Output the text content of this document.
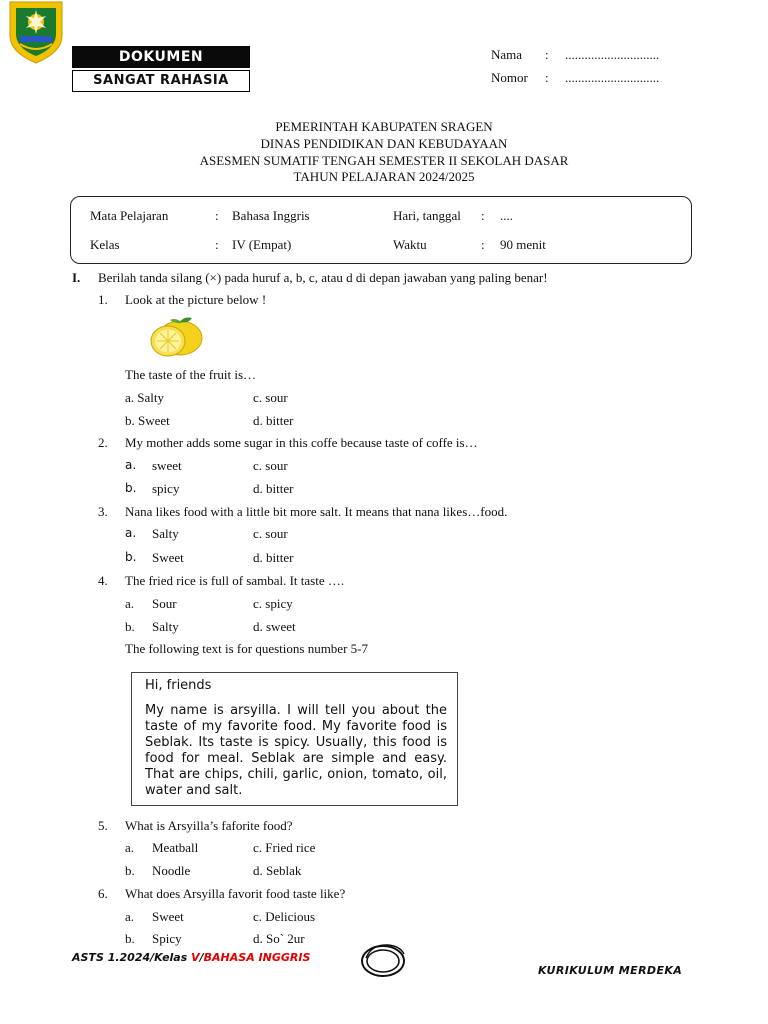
DOKUMEN
SANGAT RAHASIA
Nama : .............................
Nomor : .............................
PEMERINTAH KABUPATEN SRAGEN
DINAS PENDIDIKAN DAN KEBUDAYAAN
ASESMEN SUMATIF TENGAH SEMESTER II SEKOLAH DASAR
TAHUN PELAJARAN 2024/2025
Mata Pelajaran	: Bahasa Inggris	Hari, tanggal : ....
Kelas	: IV (Empat)	Waktu	: 90 menit
I. Berilah tanda silang (×) pada huruf a, b, c, atau d di depan jawaban yang paling benar!
1. Look at the picture below !
The taste of the fruit is…
a. Salty	c. sour
b. Sweet	d. bitter
2. My mother adds some sugar in this coffe because taste of coffe is…
a. sweet	c. sour
b. spicy	d. bitter
3. Nana likes food with a little bit more salt. It means that nana likes…food.
a. Salty	c. sour
b. Sweet	d. bitter
4. The fried rice is full of sambal. It taste ….
a. Sour	c. spicy
b. Salty	d. sweet
The following text is for questions number 5-7
Hi, friends
My name is arsyilla. I will tell you about the taste of my favorite food. My favorite food is Seblak. Its taste is spicy. Usually, this food is food for meal. Seblak are simple and easy. That are chips, chili, garlic, onion, tomato, oil, water and salt.
5. What is Arsyilla’s faforite food?
a. Meatball	c. Fried rice
b. Noodle	d. Seblak
6. What does Arsyilla favorit food taste like?
a. Sweet	c. Delicious
b. Spicy	d. So` 2ur
ASTS 1.2024/Kelas V/BAHASA INGGRIS
KURIKULUM MERDEKA
